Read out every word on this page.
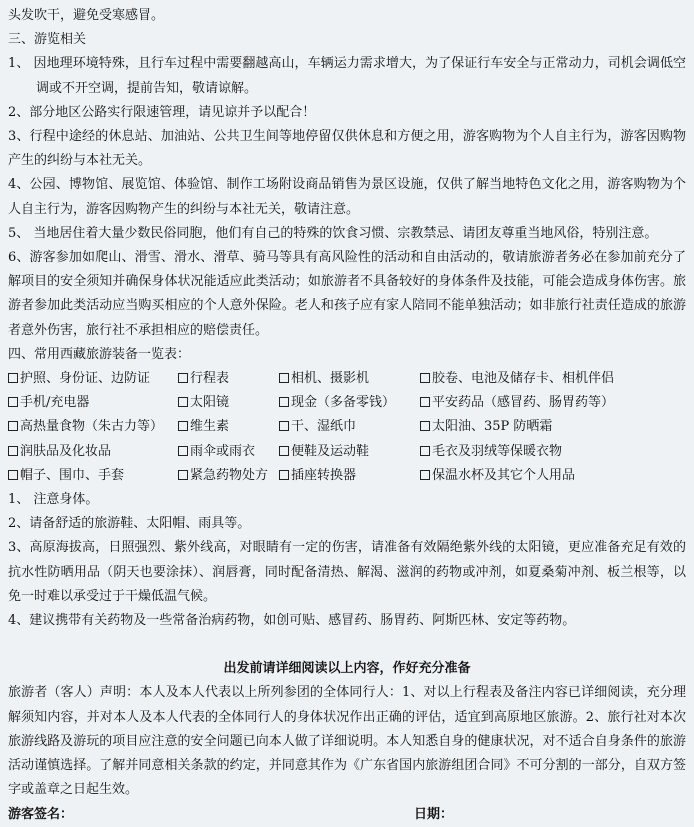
头发吹干，避免受寒感冒。

三、游览相关

1、 因地理环境特殊，且行车过程中需要翻越高山，车辆运力需求增大，为了保证行车安全与正常动力，司机会调低空调或不开空调，提前告知，敬请谅解。

2、部分地区公路实行限速管理，请见谅并予以配合！

3、行程中途经的休息站、加油站、公共卫生间等地停留仅供休息和方便之用，游客购物为个人自主行为，游客因购物产生的纠纷与本社无关。

4、公园、博物馆、展览馆、体验馆、制作工场附设商品销售为景区设施，仅供了解当地特色文化之用，游客购物为个人自主行为，游客因购物产生的纠纷与本社无关，敬请注意。

5、 当地居住着大量少数民俗同胞，他们有自己的特殊的饮食习惯、宗教禁忌、请团友尊重当地风俗，特别注意。

6、游客参加如爬山、滑雪、滑水、滑草、骑马等具有高风险性的活动和自由活动的，敬请旅游者务必在参加前充分了解项目的安全须知并确保身体状况能适应此类活动；如旅游者不具备较好的身体条件及技能，可能会造成身体伤害。旅游者参加此类活动应当购买相应的个人意外保险。老人和孩子应有家人陪同不能单独活动；如非旅行社责任造成的旅游者意外伤害，旅行社不承担相应的赔偿责任。

四、常用西藏旅游装备一览表：

护照、身份证、边防证	行程表	相机、摄影机	胶卷、电池及储存卡、相机伴侣
手机/充电器	太阳镜	现金（多备零钱）	平安药品（感冒药、肠胃药等）
高热量食物（朱古力等）	维生素	干、湿纸巾	太阳油、35P 防晒霜
润肤品及化妆品	雨伞或雨衣	便鞋及运动鞋	毛衣及羽绒等保暖衣物
帽子、围巾、手套	紧急药物处方	插座转换器	保温水杯及其它个人用品

1、 注意身体。

2、请备舒适的旅游鞋、太阳帽、雨具等。

3、高原海拔高，日照强烈、紫外线高，对眼睛有一定的伤害，请准备有效隔绝紫外线的太阳镜，更应准备充足有效的抗水性防晒用品（阴天也要涂抹）、润唇膏，同时配备清热、解渴、滋润的药物或冲剂，如夏桑菊冲剂、板兰根等，以免一时难以承受过于干燥低温气候。

4、建议携带有关药物及一些常备治病药物，如创可贴、感冒药、肠胃药、阿斯匹林、安定等药物。

出发前请详细阅读以上内容，作好充分准备

旅游者（客人）声明：本人及本人代表以上所列参团的全体同行人：1、对以上行程表及备注内容已详细阅读，充分理解须知内容，并对本人及本人代表的全体同行人的身体状况作出正确的评估，适宜到高原地区旅游。2、旅行社对本次旅游线路及游玩的项目应注意的安全问题已向本人做了详细说明。本人知悉自身的健康状况，对不适合自身条件的旅游活动谨慎选择。了解并同意相关条款的约定，并同意其作为《广东省国内旅游组团合同》不可分割的一部分，自双方签字或盖章之日起生效。

游客签名：	日期：
